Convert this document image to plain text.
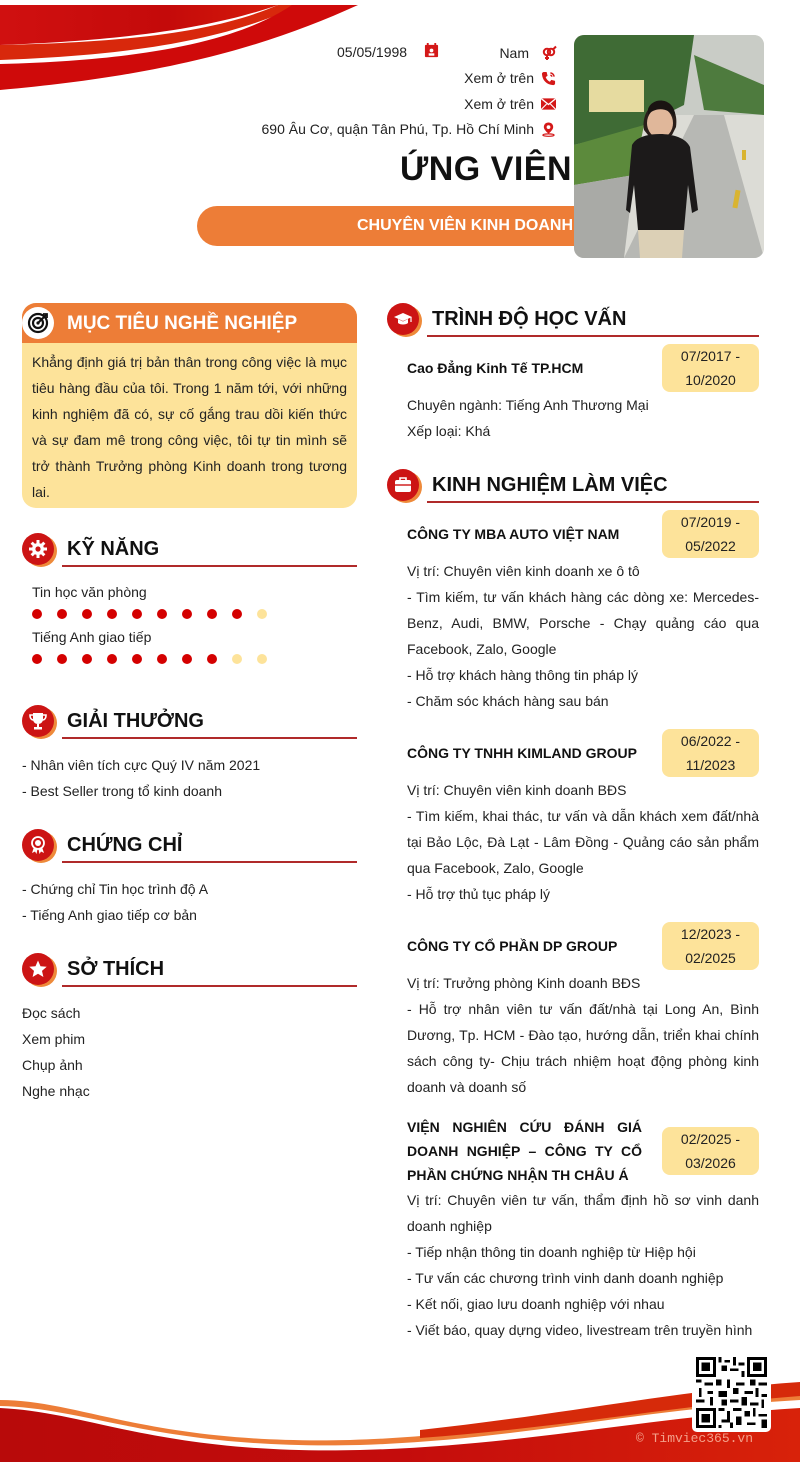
05/05/1998	Nam
Xem ở trên
Xem ở trên
690 Âu Cơ, quận Tân Phú, Tp. Hồ Chí Minh
ỨNG VIÊN
CHUYÊN VIÊN KINH DOANH
MỤC TIÊU NGHỀ NGHIỆP
Khẳng định giá trị bản thân trong công việc là mục tiêu hàng đầu của tôi. Trong 1 năm tới, với những kinh nghiệm đã có, sự cố gắng trau dồi kiến thức và sự đam mê trong công việc, tôi tự tin mình sẽ trở thành Trưởng phòng Kinh doanh trong tương lai.
KỸ NĂNG
Tin học văn phòng
Tiếng Anh giao tiếp
GIẢI THƯỞNG
- Nhân viên tích cực Quý IV năm 2021
- Best Seller trong tổ kinh doanh
CHỨNG CHỈ
- Chứng chỉ Tin học trình độ A
- Tiếng Anh giao tiếp cơ bản
SỞ THÍCH
Đọc sách
Xem phim
Chụp ảnh
Nghe nhạc
TRÌNH ĐỘ HỌC VẤN
Cao Đẳng Kinh Tế TP.HCM
07/2017 -
10/2020
Chuyên ngành: Tiếng Anh Thương Mại
Xếp loại: Khá
KINH NGHIỆM LÀM VIỆC
CÔNG TY MBA AUTO VIỆT NAM
07/2019 -
05/2022
Vị trí: Chuyên viên kinh doanh xe ô tô
- Tìm kiếm, tư vấn khách hàng các dòng xe: Mercedes-Benz, Audi, BMW, Porsche - Chạy quảng cáo qua Facebook, Zalo, Google
- Hỗ trợ khách hàng thông tin pháp lý
- Chăm sóc khách hàng sau bán
CÔNG TY TNHH KIMLAND GROUP
06/2022 -
11/2023
Vị trí: Chuyên viên kinh doanh BĐS
- Tìm kiếm, khai thác, tư vấn và dẫn khách xem đất/nhà tại Bảo Lộc, Đà Lạt - Lâm Đồng - Quảng cáo sản phẩm qua Facebook, Zalo, Google
- Hỗ trợ thủ tục pháp lý
CÔNG TY CỔ PHẦN DP GROUP
12/2023 -
02/2025
Vị trí: Trưởng phòng Kinh doanh BĐS
- Hỗ trợ nhân viên tư vấn đất/nhà tại Long An, Bình Dương, Tp. HCM - Đào tạo, hướng dẫn, triển khai chính sách công ty- Chịu trách nhiệm hoạt động phòng kinh doanh và doanh số
VIỆN NGHIÊN CỨU ĐÁNH GIÁ DOANH NGHIỆP – CÔNG TY CỔ PHẦN CHỨNG NHẬN TH CHÂU Á
02/2025 -
03/2026
Vị trí: Chuyên viên tư vấn, thẩm định hồ sơ vinh danh doanh nghiệp
- Tiếp nhận thông tin doanh nghiệp từ Hiệp hội
- Tư vấn các chương trình vinh danh doanh nghiệp
- Kết nối, giao lưu doanh nghiệp với nhau
- Viết báo, quay dựng video, livestream trên truyền hình
© Timviec365.vn
